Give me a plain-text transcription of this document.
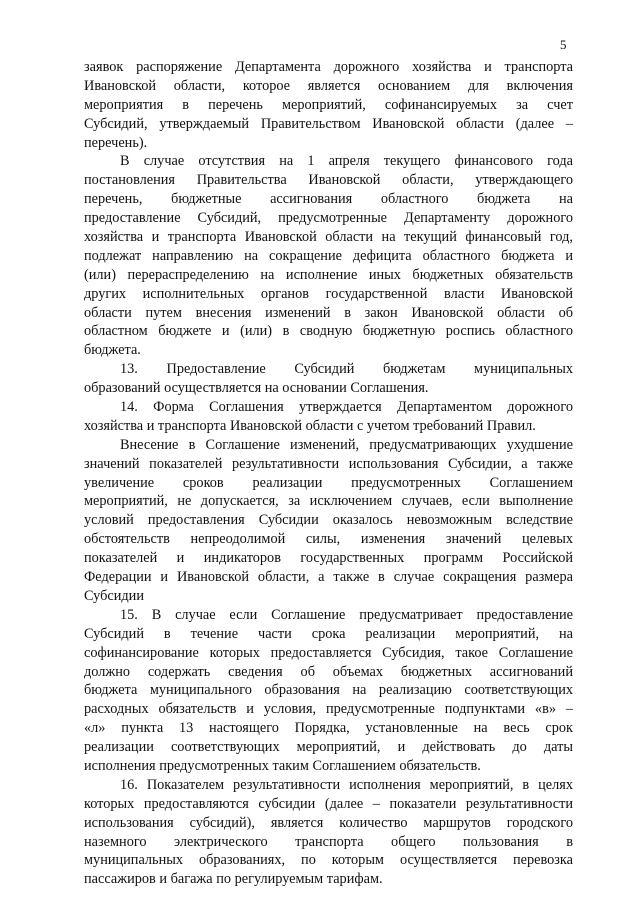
5
заявок распоряжение Департамента дорожного хозяйства и транспорта
Ивановской области, которое является основанием для включения
мероприятия в перечень мероприятий, софинансируемых за счет
Субсидий, утверждаемый Правительством Ивановской области (далее –
перечень).
В случае отсутствия на 1 апреля текущего финансового года
постановления Правительства Ивановской области, утверждающего
перечень, бюджетные ассигнования областного бюджета на
предоставление Субсидий, предусмотренные Департаменту дорожного
хозяйства и транспорта Ивановской области на текущий финансовый год,
подлежат направлению на сокращение дефицита областного бюджета и
(или) перераспределению на исполнение иных бюджетных обязательств
других исполнительных органов государственной власти Ивановской
области путем внесения изменений в закон Ивановской области об
областном бюджете и (или) в сводную бюджетную роспись областного
бюджета.
13. Предоставление Субсидий бюджетам муниципальных
образований осуществляется на основании Соглашения.
14. Форма Соглашения утверждается Департаментом дорожного
хозяйства и транспорта Ивановской области с учетом требований Правил.
Внесение в Соглашение изменений, предусматривающих ухудшение
значений показателей результативности использования Субсидии, а также
увеличение сроков реализации предусмотренных Соглашением
мероприятий, не допускается, за исключением случаев, если выполнение
условий предоставления Субсидии оказалось невозможным вследствие
обстоятельств непреодолимой силы, изменения значений целевых
показателей и индикаторов государственных программ Российской
Федерации и Ивановской области, а также в случае сокращения размера
Субсидии
15. В случае если Соглашение предусматривает предоставление
Субсидий в течение части срока реализации мероприятий, на
софинансирование которых предоставляется Субсидия, такое Соглашение
должно содержать сведения об объемах бюджетных ассигнований
бюджета муниципального образования на реализацию соответствующих
расходных обязательств и условия, предусмотренные подпунктами «в» –
«л» пункта 13 настоящего Порядка, установленные на весь срок
реализации соответствующих мероприятий, и действовать до даты
исполнения предусмотренных таким Соглашением обязательств.
16. Показателем результативности исполнения мероприятий, в целях
которых предоставляются субсидии (далее – показатели результативности
использования субсидий), является количество маршрутов городского
наземного электрического транспорта общего пользования в
муниципальных образованиях, по которым осуществляется перевозка
пассажиров и багажа по регулируемым тарифам.
